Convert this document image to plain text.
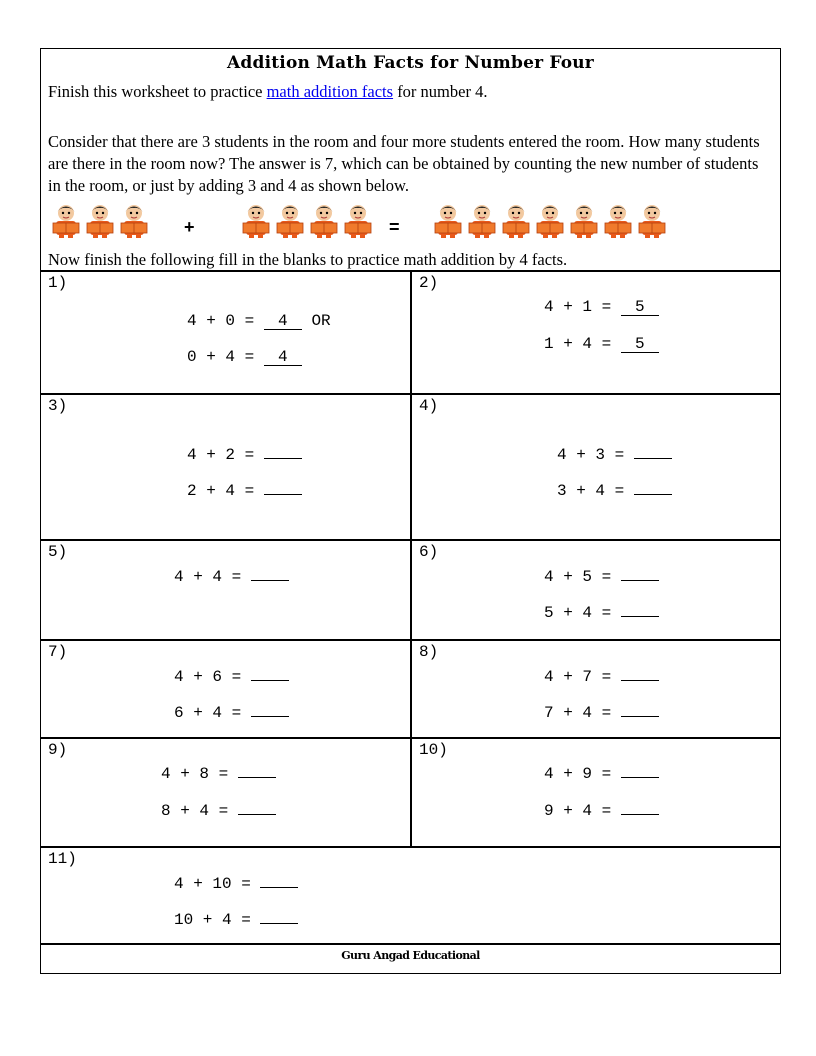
Addition Math Facts for Number Four
Finish this worksheet to practice math addition facts for number 4.
Consider that there are 3 students in the room and four more students entered the room. How many students are there in the room now? The answer is 7, which can be obtained by counting the new number of students in the room, or just by adding 3 and 4 as shown below.
+	=
Now finish the following fill in the blanks to practice math addition by 4 facts.
1)
4 + 0 = 4 OR
0 + 4 = 4
2)
4 + 1 = 5
1 + 4 = 5
3)
4 + 2 =
2 + 4 =
4)
4 + 3 =
3 + 4 =
5)
4 + 4 =
6)
4 + 5 =
5 + 4 =
7)
4 + 6 =
6 + 4 =
8)
4 + 7 =
7 + 4 =
9)
4 + 8 =
8 + 4 =
10)
4 + 9 =
9 + 4 =
11)
4 + 10 =
10 + 4 =
Guru Angad Educational
